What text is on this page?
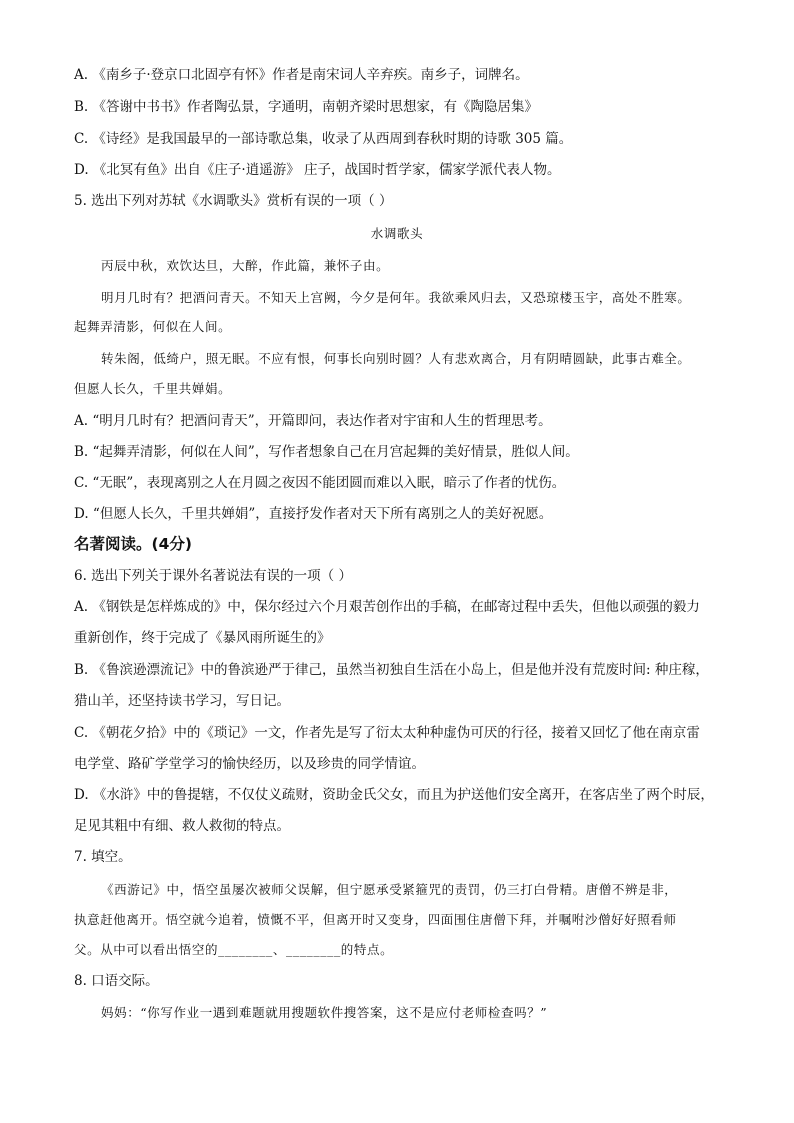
A. 《南乡子·登京口北固亭有怀》作者是南宋词人辛弃疾。南乡子，词牌名。
B. 《答谢中书书》作者陶弘景，字通明，南朝齐梁时思想家，有《陶隐居集》
C. 《诗经》是我国最早的一部诗歌总集，收录了从西周到春秋时期的诗歌 305 篇。
D. 《北冥有鱼》出自《庄子·逍遥游》 庄子，战国时哲学家，儒家学派代表人物。
5. 选出下列对苏轼《水调歌头》赏析有误的一项（ ）
水调歌头
丙辰中秋，欢饮达旦，大醉，作此篇，兼怀子由。
明月几时有？把酒问青天。不知天上宫阙，今夕是何年。我欲乘风归去，又恐琼楼玉宇，高处不胜寒。
起舞弄清影，何似在人间。
转朱阁，低绮户，照无眠。不应有恨，何事长向别时圆？人有悲欢离合，月有阴晴圆缺，此事古难全。
但愿人长久，千里共婵娟。
A. “明月几时有？把酒问青天”，开篇即问，表达作者对宇宙和人生的哲理思考。
B. “起舞弄清影，何似在人间”，写作者想象自己在月宫起舞的美好情景，胜似人间。
C. “无眠”，表现离别之人在月圆之夜因不能团圆而难以入眠，暗示了作者的忧伤。
D. “但愿人长久，千里共婵娟”，直接抒发作者对天下所有离别之人的美好祝愿。
名著阅读。(4分)
6. 选出下列关于课外名著说法有误的一项（ ）
A. 《钢铁是怎样炼成的》中，保尔经过六个月艰苦创作出的手稿，在邮寄过程中丢失，但他以顽强的毅力
重新创作，终于完成了《暴风雨所诞生的》
B. 《鲁滨逊漂流记》中的鲁滨逊严于律己，虽然当初独自生活在小岛上，但是他并没有荒废时间: 种庄稼，
猎山羊，还坚持读书学习，写日记。
C. 《朝花夕拾》中的《琐记》一文，作者先是写了衍太太种种虚伪可厌的行径，接着又回忆了他在南京雷
电学堂、路矿学堂学习的愉快经历，以及珍贵的同学情谊。
D. 《水浒》中的鲁提辖，不仅仗义疏财，资助金氏父女，而且为护送他们安全离开，在客店坐了两个时辰，
足见其粗中有细、救人救彻的特点。
7. 填空。
《西游记》中，悟空虽屡次被师父误解，但宁愿承受紧箍咒的责罚，仍三打白骨精。唐僧不辨是非，
执意赶他离开。悟空就今追着，愤慨不平，但离开时又变身，四面围住唐僧下拜，并嘱咐沙僧好好照看师
父。从中可以看出悟空的________、________的特点。
8. 口语交际。
妈妈：“你写作业一遇到难题就用搜题软件搜答案，这不是应付老师检查吗？”
